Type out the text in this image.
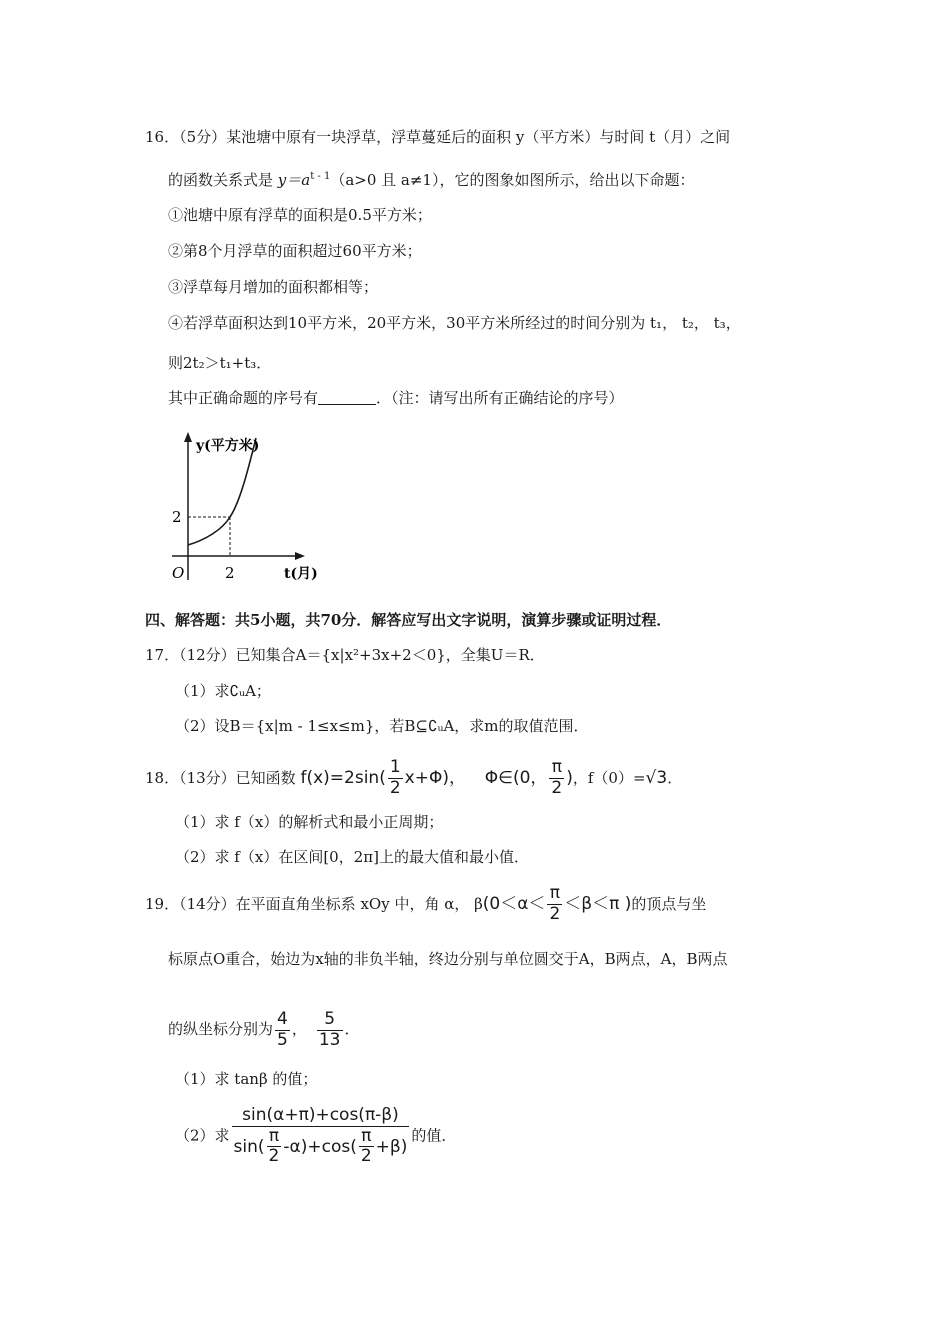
16．（5分）某池塘中原有一块浮草，浮草蔓延后的面积 y（平方米）与时间 t（月）之间
的函数关系式是 $y=a^{t - 1}(a>0$ 且 a≠1），它的图象如图所示，给出以下命题：
①池塘中原有浮草的面积是0.5平方米；
②第8个月浮草的面积超过60平方米；
③浮草每月增加的面积都相等；
④若浮草面积达到10平方米，20平方米，30平方米所经过的时间分别为 t₁， t₂， t₃，
则2t₂＞t₁+t₃．
其中正确命题的序号有	．（注：请写出所有正确结论的序号）
y(平方米)
O	2
2
t(月)
四、解答题：共5小题，共70分．解答应写出文字说明，演算步骤或证明过程．
17．（12分）已知集合A＝{x|x²+3x+2＜0}，全集U＝R．
（1）求∁ᵤA；
（2）设B＝{x|m - 1≤x≤m}，若B⊆∁ᵤA，求m的取值范围．
18．（13分）已知函数 $f(x)=2\sin( \frac{1}{2} x+\Phi)$， Φ∈(0， $\frac{\pi}{2}$ )，f（0）=√3．
（1）求 f（x）的解析式和最小正周期；
（2）求 f（x）在区间[0，2π]上的最大值和最小值．
19．（14分）在平面直角坐标系 xOy 中，角 α， $\beta(0<\alpha< \frac{\pi}{2} <\beta<\pi$ )的顶点与坐
标原点O重合，始边为x轴的非负半轴，终边分别与单位圆交于A，B两点，A，B两点
的纵坐标分别为 $\frac{4}{5}$ ， $\frac{5}{13}$ ．
（1）求 tanβ 的值；
（2）求 $\frac{\sin(\alpha+\pi)+\cos(\pi-\beta)}{\sin( \frac{\pi}{2} -\alpha)+\cos( \frac{\pi}{2} +\beta)}$ 的值．
